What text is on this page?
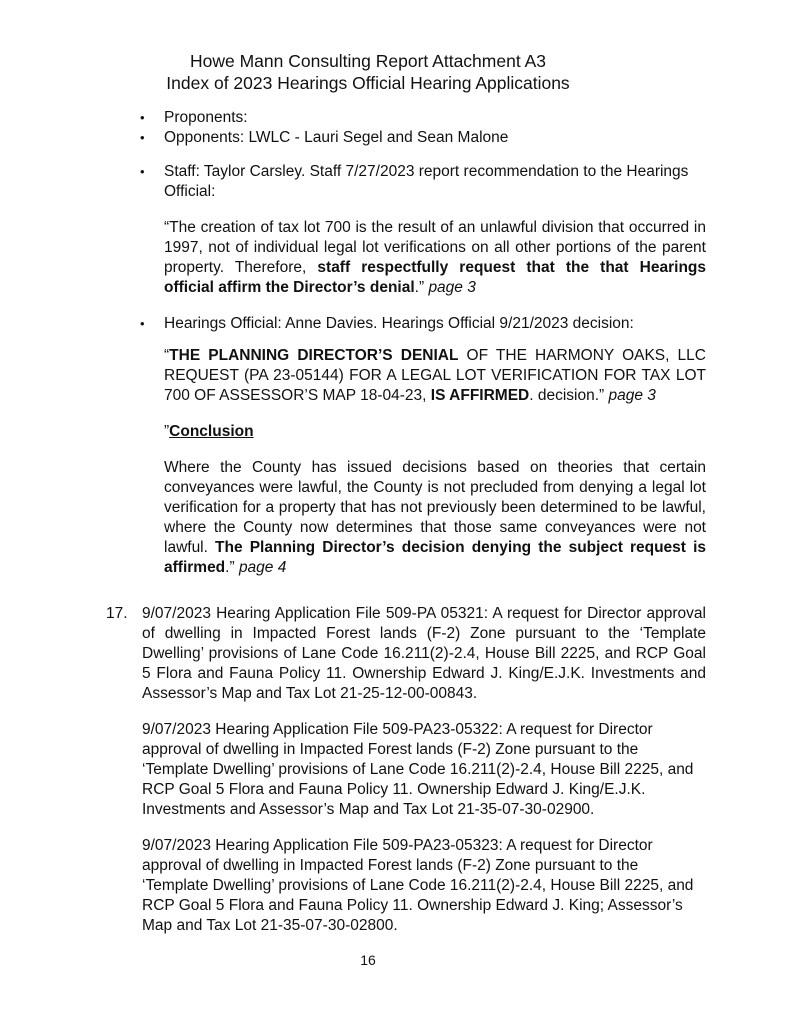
Howe Mann Consulting Report Attachment A3
Index of 2023 Hearings Official Hearing Applications

• Proponents:

• Opponents: LWLC - Lauri Segel and Sean Malone

• Staff: Taylor Carsley. Staff 7/27/2023 report recommendation to the Hearings Official:

“The creation of tax lot 700 is the result of an unlawful division that occurred in 1997, not of individual legal lot verifications on all other portions of the parent property. Therefore, staff respectfully request that the that Hearings official affirm the Director’s denial.” page 3

• Hearings Official: Anne Davies. Hearings Official 9/21/2023 decision:

“THE PLANNING DIRECTOR’S DENIAL OF THE HARMONY OAKS, LLC REQUEST (PA 23-05144) FOR A LEGAL LOT VERIFICATION FOR TAX LOT 700 OF ASSESSOR’S MAP 18-04-23, IS AFFIRMED. decision.” page 3

”Conclusion

Where the County has issued decisions based on theories that certain conveyances were lawful, the County is not precluded from denying a legal lot verification for a property that has not previously been determined to be lawful, where the County now determines that those same conveyances were not lawful. The Planning Director’s decision denying the subject request is affirmed.” page 4

17. 9/07/2023 Hearing Application File 509-PA 05321: A request for Director approval of dwelling in Impacted Forest lands (F-2) Zone pursuant to the ‘Template Dwelling’ provisions of Lane Code 16.211(2)-2.4, House Bill 2225, and RCP Goal 5 Flora and Fauna Policy 11. Ownership Edward J. King/E.J.K. Investments and Assessor’s Map and Tax Lot 21-25-12-00-00843.

9/07/2023 Hearing Application File 509-PA23-05322: A request for Director approval of dwelling in Impacted Forest lands (F-2) Zone pursuant to the ‘Template Dwelling’ provisions of Lane Code 16.211(2)-2.4, House Bill 2225, and RCP Goal 5 Flora and Fauna Policy 11. Ownership Edward J. King/E.J.K. Investments and Assessor’s Map and Tax Lot 21-35-07-30-02900.

9/07/2023 Hearing Application File 509-PA23-05323: A request for Director approval of dwelling in Impacted Forest lands (F-2) Zone pursuant to the ‘Template Dwelling’ provisions of Lane Code 16.211(2)-2.4, House Bill 2225, and RCP Goal 5 Flora and Fauna Policy 11. Ownership Edward J. King; Assessor’s Map and Tax Lot 21-35-07-30-02800.

16
